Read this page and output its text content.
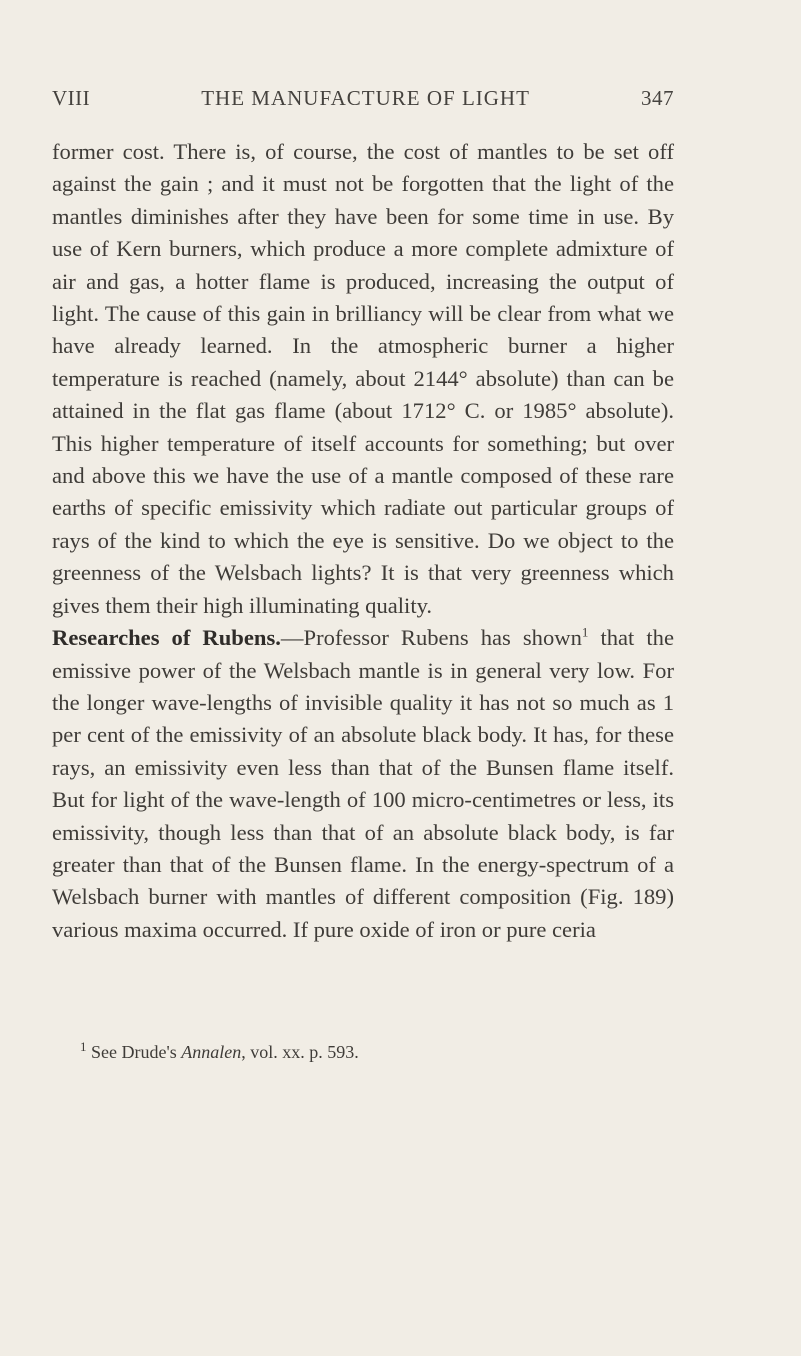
VIII	THE MANUFACTURE OF LIGHT	347

former cost. There is, of course, the cost of mantles to be set off against the gain ; and it must not be forgotten that the light of the mantles diminishes after they have been for some time in use. By use of Kern burners, which produce a more complete admixture of air and gas, a hotter flame is produced, increasing the output of light. The cause of this gain in brilliancy will be clear from what we have already learned. In the atmospheric burner a higher temperature is reached (namely, about 2144° absolute) than can be attained in the flat gas flame (about 1712° C. or 1985° absolute). This higher temperature of itself accounts for something; but over and above this we have the use of a mantle composed of these rare earths of specific emissivity which radiate out particular groups of rays of the kind to which the eye is sensitive. Do we object to the greenness of the Welsbach lights? It is that very greenness which gives them their high illuminating quality.

Researches of Rubens.—Professor Rubens has shown$^1$ that the emissive power of the Welsbach mantle is in general very low. For the longer wave-lengths of invisible quality it has not so much as 1 per cent of the emissivity of an absolute black body. It has, for these rays, an emissivity even less than that of the Bunsen flame itself. But for light of the wave-length of 100 micro-centimetres or less, its emissivity, though less than that of an absolute black body, is far greater than that of the Bunsen flame. In the energy-spectrum of a Welsbach burner with mantles of different composition (Fig. 189) various maxima occurred. If pure oxide of iron or pure ceria

$^1$ See Drude's Annalen, vol. xx. p. 593.
